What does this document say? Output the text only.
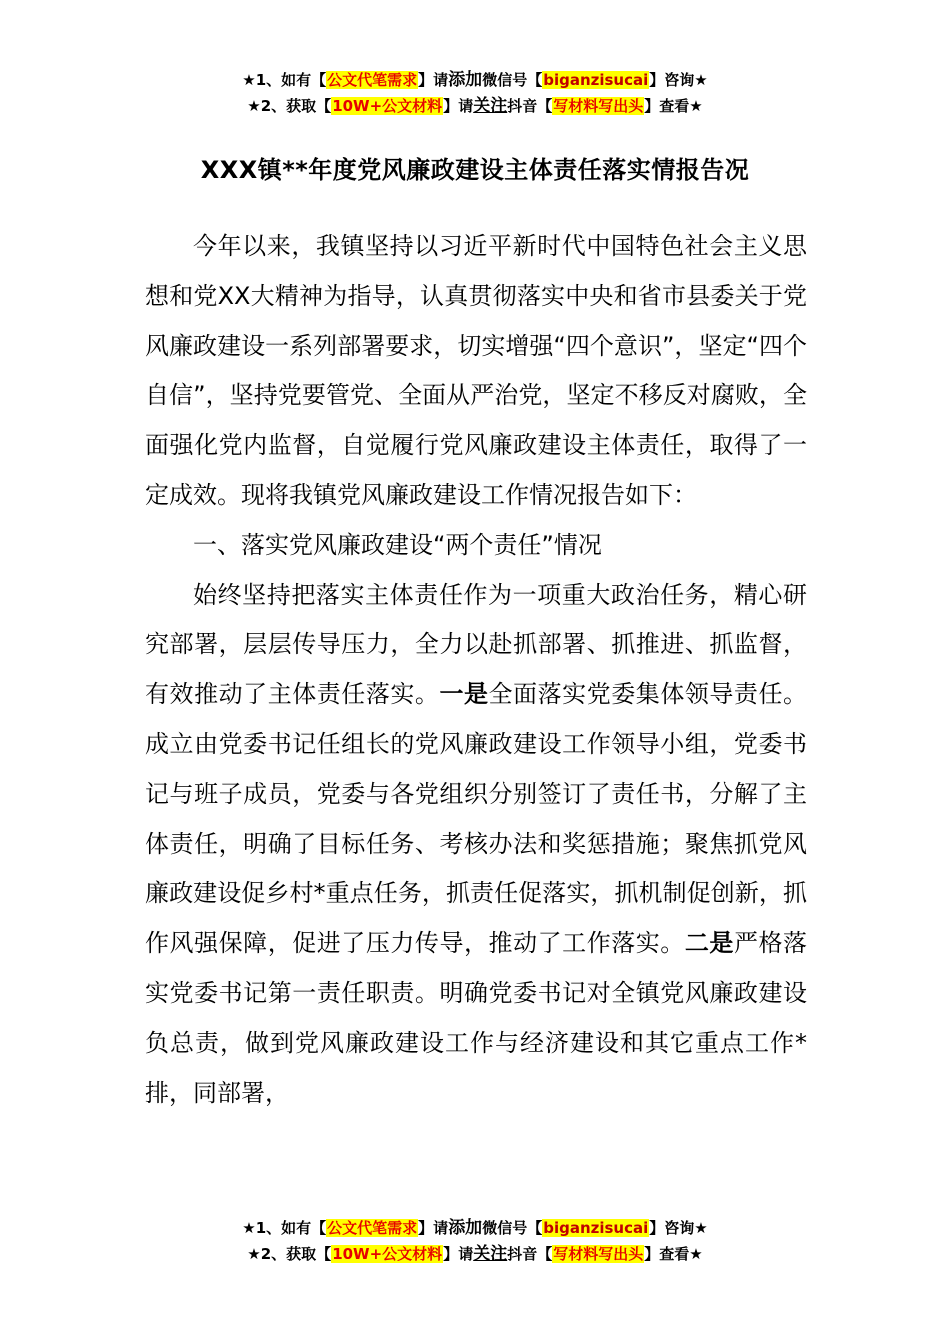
★1、如有【公文代笔需求】请添加微信号【biganzisucai】咨询★
★2、获取【10W+公文材料】请关注抖音【写材料写出头】查看★
XXX镇**年度党风廉政建设主体责任落实情报告况

今年以来，我镇坚持以习近平新时代中国特色社会主义思想和党XX大精神为指导，认真贯彻落实中央和省市县委关于党风廉政建设一系列部署要求，切实增强“四个意识”，坚定“四个自信”，坚持党要管党、全面从严治党，坚定不移反对腐败，全面强化党内监督，自觉履行党风廉政建设主体责任，取得了一定成效。现将我镇党风廉政建设工作情况报告如下：

一、落实党风廉政建设“两个责任”情况

始终坚持把落实主体责任作为一项重大政治任务，精心研究部署，层层传导压力，全力以赴抓部署、抓推进、抓监督，有效推动了主体责任落实。一是全面落实党委集体领导责任。成立由党委书记任组长的党风廉政建设工作领导小组，党委书记与班子成员，党委与各党组织分别签订了责任书，分解了主体责任，明确了目标任务、考核办法和奖惩措施；聚焦抓党风廉政建设促乡村*重点任务，抓责任促落实，抓机制促创新，抓作风强保障，促进了压力传导，推动了工作落实。二是严格落实党委书记第一责任职责。明确党委书记对全镇党风廉政建设负总责，做到党风廉政建设工作与经济建设和其它重点工作*排，同部署，

★1、如有【公文代笔需求】请添加微信号【biganzisucai】咨询★
★2、获取【10W+公文材料】请关注抖音【写材料写出头】查看★
